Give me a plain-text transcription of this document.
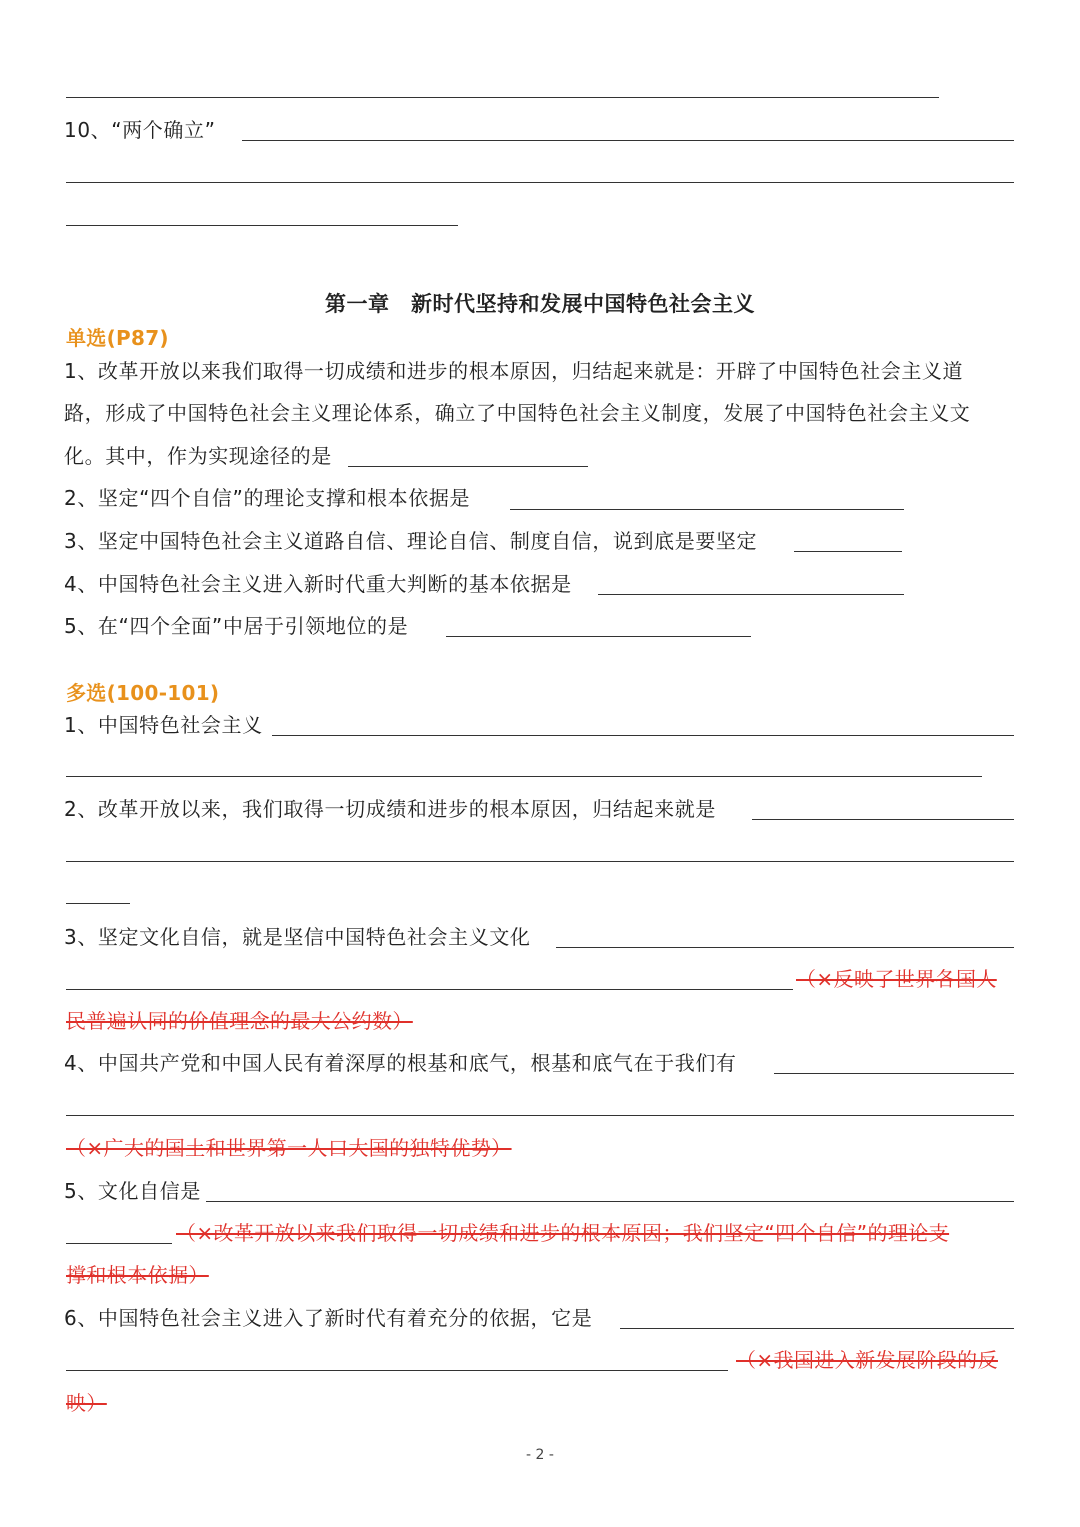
10、“两个确立”
第一章　新时代坚持和发展中国特色社会主义
单选(P87)
1、改革开放以来我们取得一切成绩和进步的根本原因，归结起来就是：开辟了中国特色社会主义道
路，形成了中国特色社会主义理论体系，确立了中国特色社会主义制度，发展了中国特色社会主义文
化。其中，作为实现途径的是
2、坚定“四个自信”的理论支撑和根本依据是
3、坚定中国特色社会主义道路自信、理论自信、制度自信，说到底是要坚定
4、中国特色社会主义进入新时代重大判断的基本依据是
5、在“四个全面”中居于引领地位的是
多选(100-101)
1、中国特色社会主义
2、改革开放以来，我们取得一切成绩和进步的根本原因，归结起来就是
3、坚定文化自信，就是坚信中国特色社会主义文化
（×反映了世界各国人
民普遍认同的价值理念的最大公约数）
4、中国共产党和中国人民有着深厚的根基和底气，根基和底气在于我们有
（×广大的国土和世界第一人口大国的独特优势）
5、文化自信是
（×改革开放以来我们取得一切成绩和进步的根本原因；我们坚定“四个自信”的理论支
撑和根本依据）
6、中国特色社会主义进入了新时代有着充分的依据，它是
（×我国进入新发展阶段的反
映）
- 2 -
